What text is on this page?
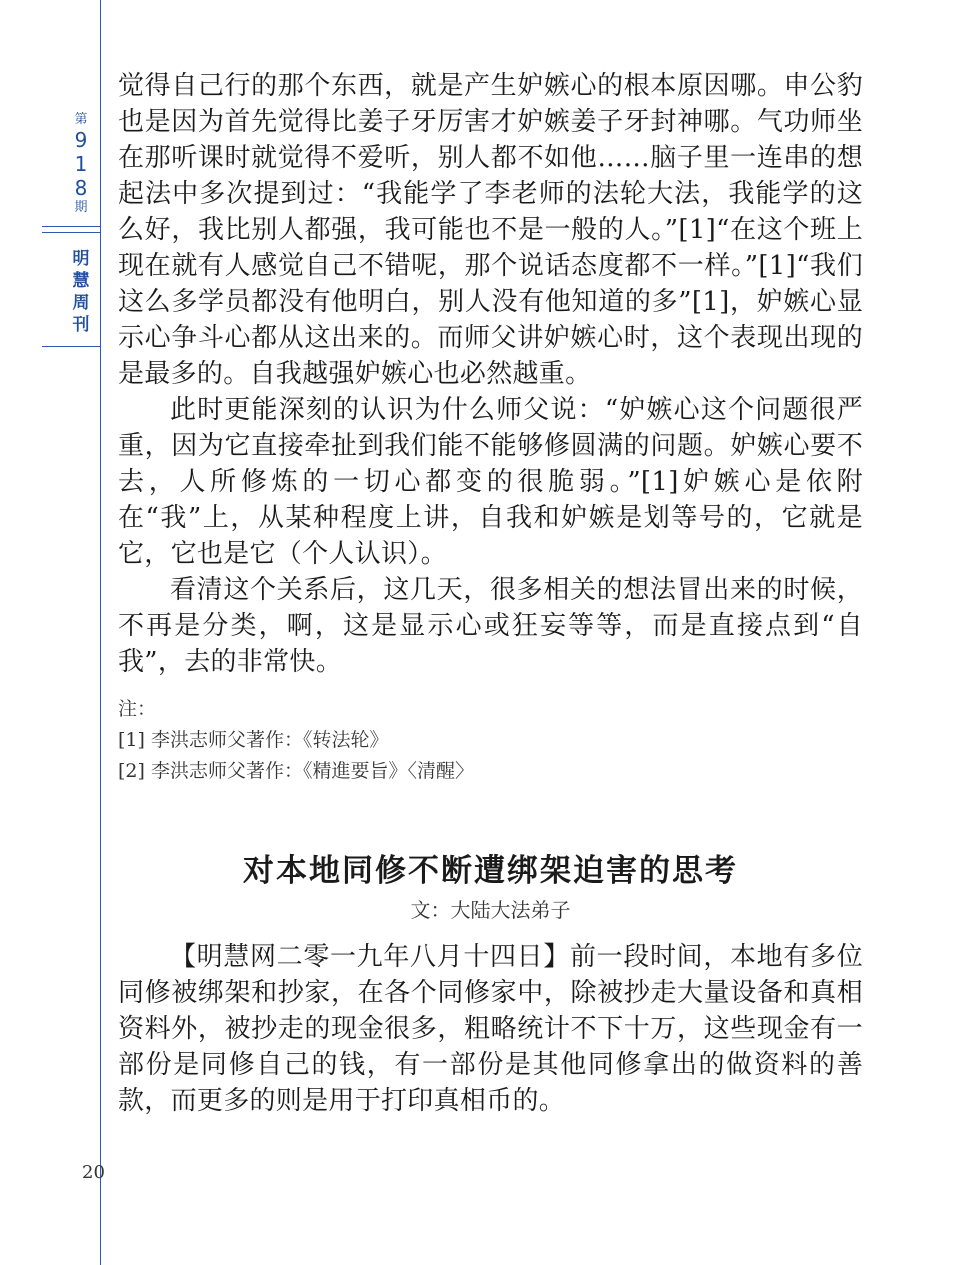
第
9
1
8
期
明
慧
周
刊
20

觉得自己行的那个东西，就是产生妒嫉心的根本原因哪。申公豹也是因为首先觉得比姜子牙厉害才妒嫉姜子牙封神哪。气功师坐在那听课时就觉得不爱听，别人都不如他……脑子里一连串的想起法中多次提到过：“我能学了李老师的法轮大法，我能学的这么好，我比别人都强，我可能也不是一般的人。”[1]“在这个班上现在就有人感觉自己不错呢，那个说话态度都不一样。”[1]“我们这么多学员都没有他明白，别人没有他知道的多”[1]，妒嫉心显示心争斗心都从这出来的。而师父讲妒嫉心时，这个表现出现的是最多的。自我越强妒嫉心也必然越重。

此时更能深刻的认识为什么师父说：“妒嫉心这个问题很严重，因为它直接牵扯到我们能不能够修圆满的问题。妒嫉心要不去，人所修炼的一切心都变的很脆弱。”[1]妒嫉心是依附在“我”上，从某种程度上讲，自我和妒嫉是划等号的，它就是它，它也是它（个人认识）。

看清这个关系后，这几天，很多相关的想法冒出来的时候，不再是分类，啊，这是显示心或狂妄等等，而是直接点到“自我”，去的非常快。

注：
[1] 李洪志师父著作：《转法轮》
[2] 李洪志师父著作：《精進要旨》〈清醒〉
对本地同修不断遭绑架迫害的思考
文：大陆大法弟子

【明慧网二零一九年八月十四日】前一段时间，本地有多位同修被绑架和抄家，在各个同修家中，除被抄走大量设备和真相资料外，被抄走的现金很多，粗略统计不下十万，这些现金有一部份是同修自己的钱，有一部份是其他同修拿出的做资料的善款，而更多的则是用于打印真相币的。
